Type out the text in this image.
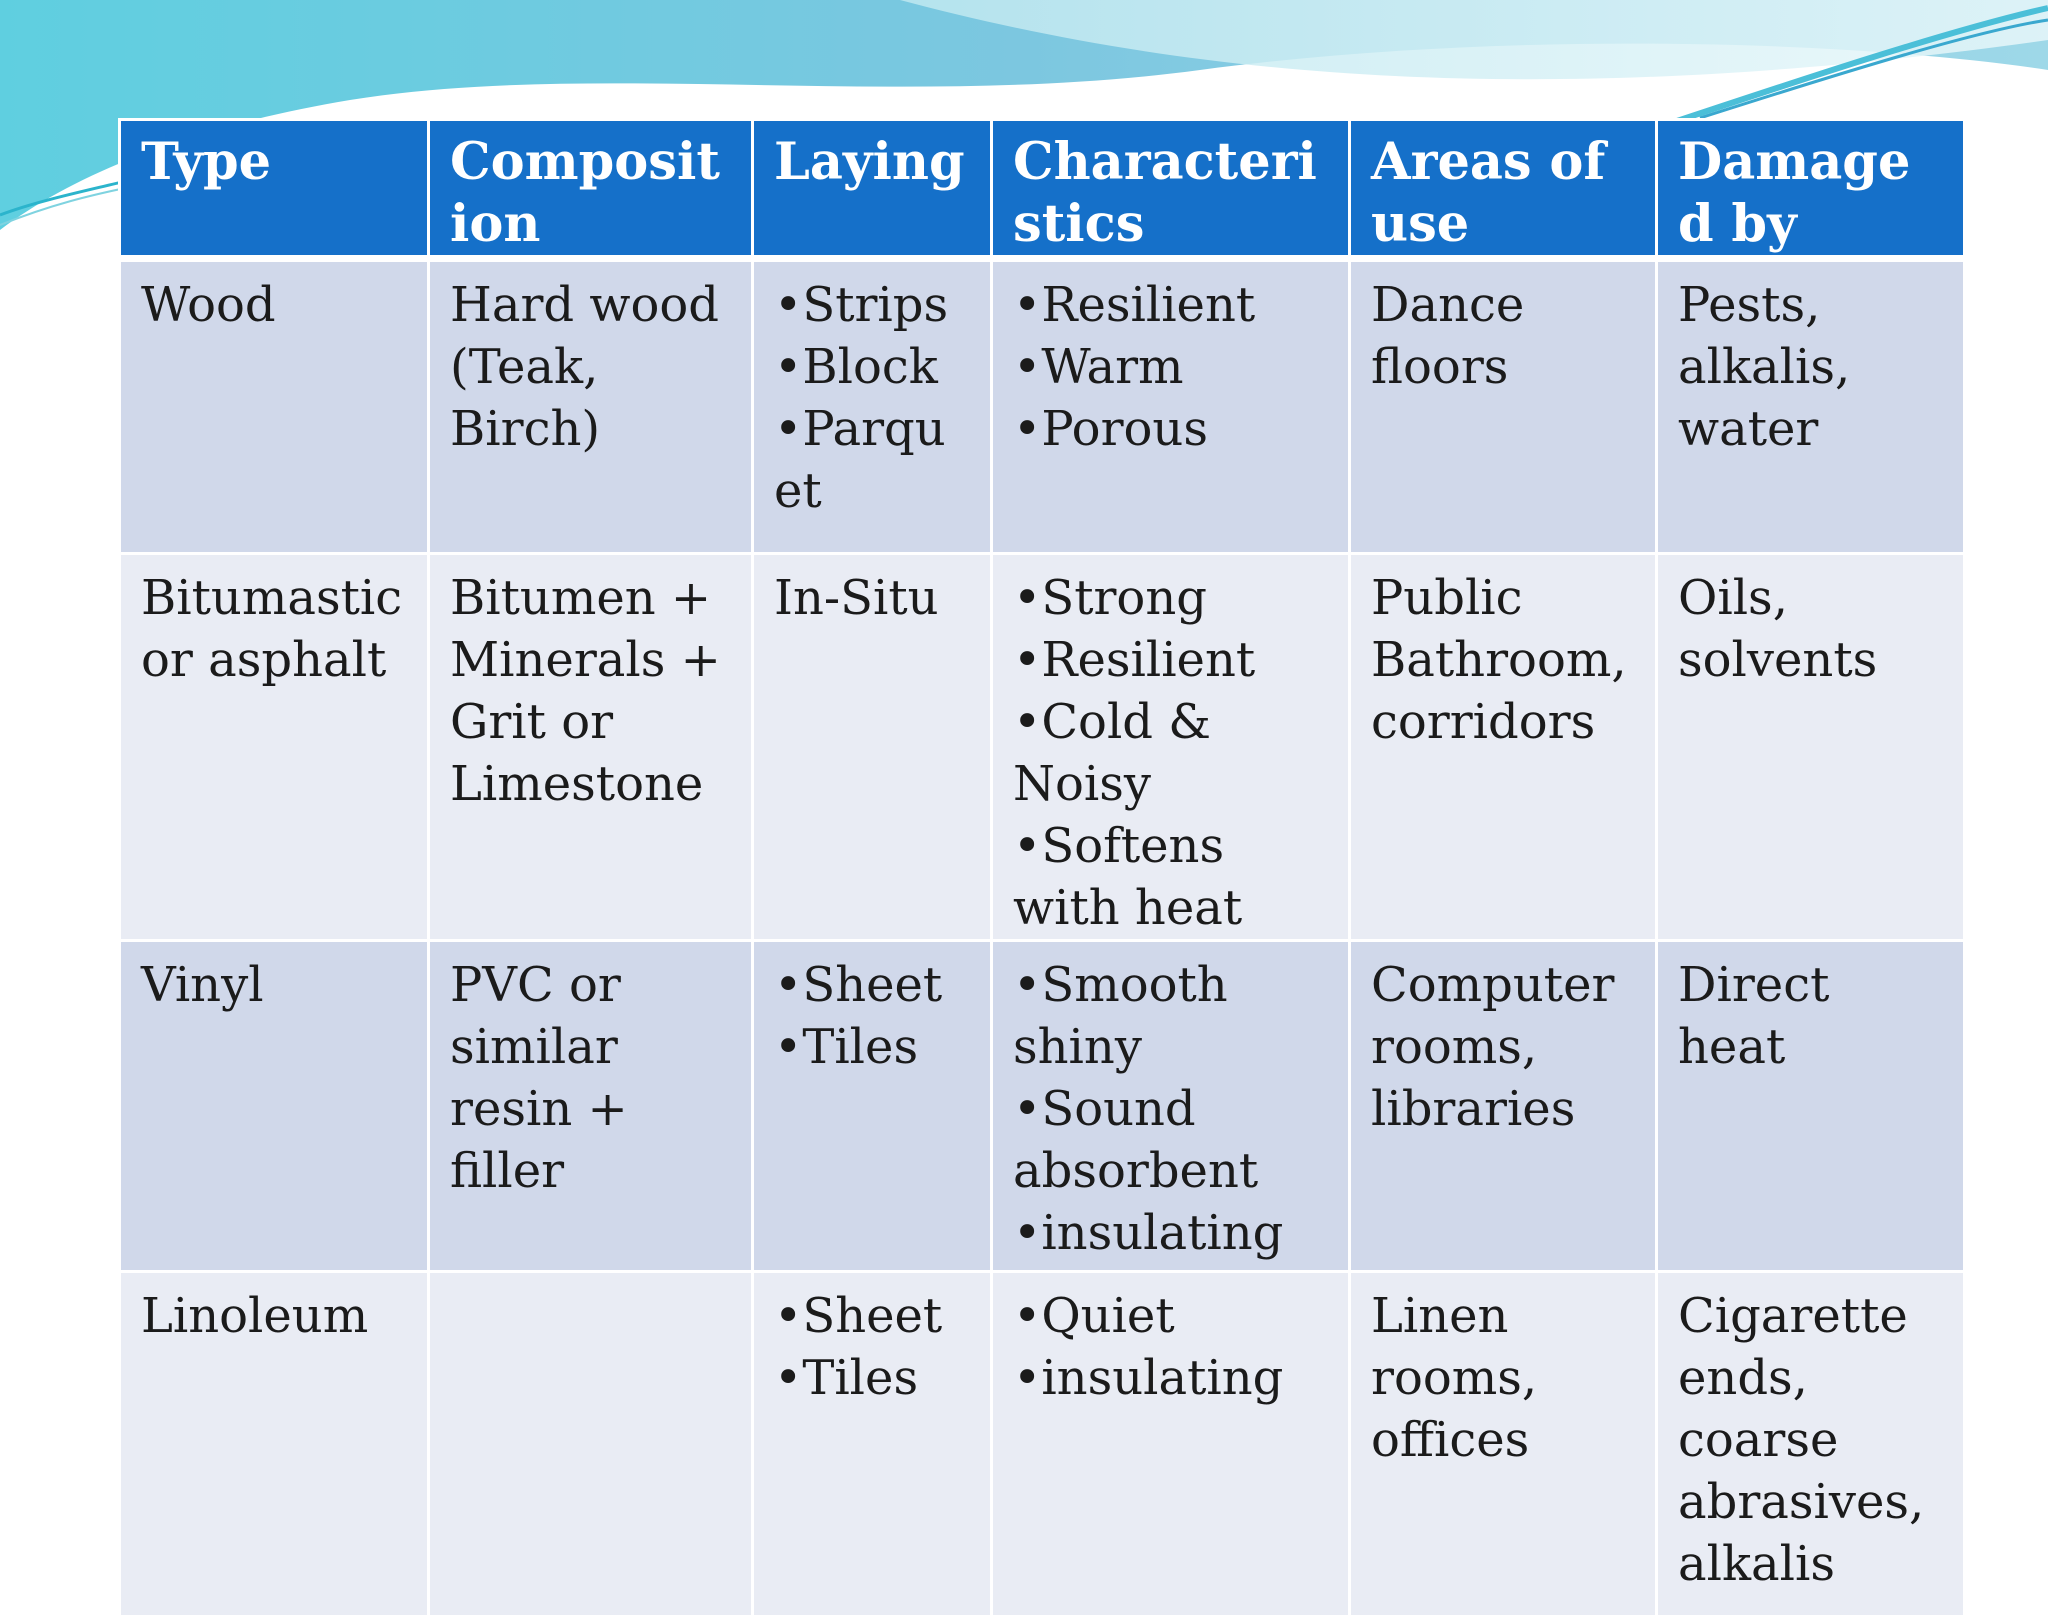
Type	Composition	Laying	Characteristics	Areas of use	Damaged by
Wood	Hard wood (Teak, Birch)	•Strips
•Block
•Parquet	•Resilient
•Warm
•Porous	Dance floors	Pests, alkalis, water
Bitumastic or asphalt	Bitumen + Minerals + Grit or Limestone	In-Situ	•Strong
•Resilient
•Cold & Noisy
•Softens with heat	Public Bathroom, corridors	Oils, solvents
Vinyl	PVC or similar resin + filler	•Sheet
•Tiles	•Smooth shiny
•Sound absorbent
•insulating	Computer rooms, libraries	Direct heat
Linoleum		•Sheet
•Tiles	•Quiet
•insulating	Linen rooms, offices	Cigarette ends, coarse abrasives, alkalis
